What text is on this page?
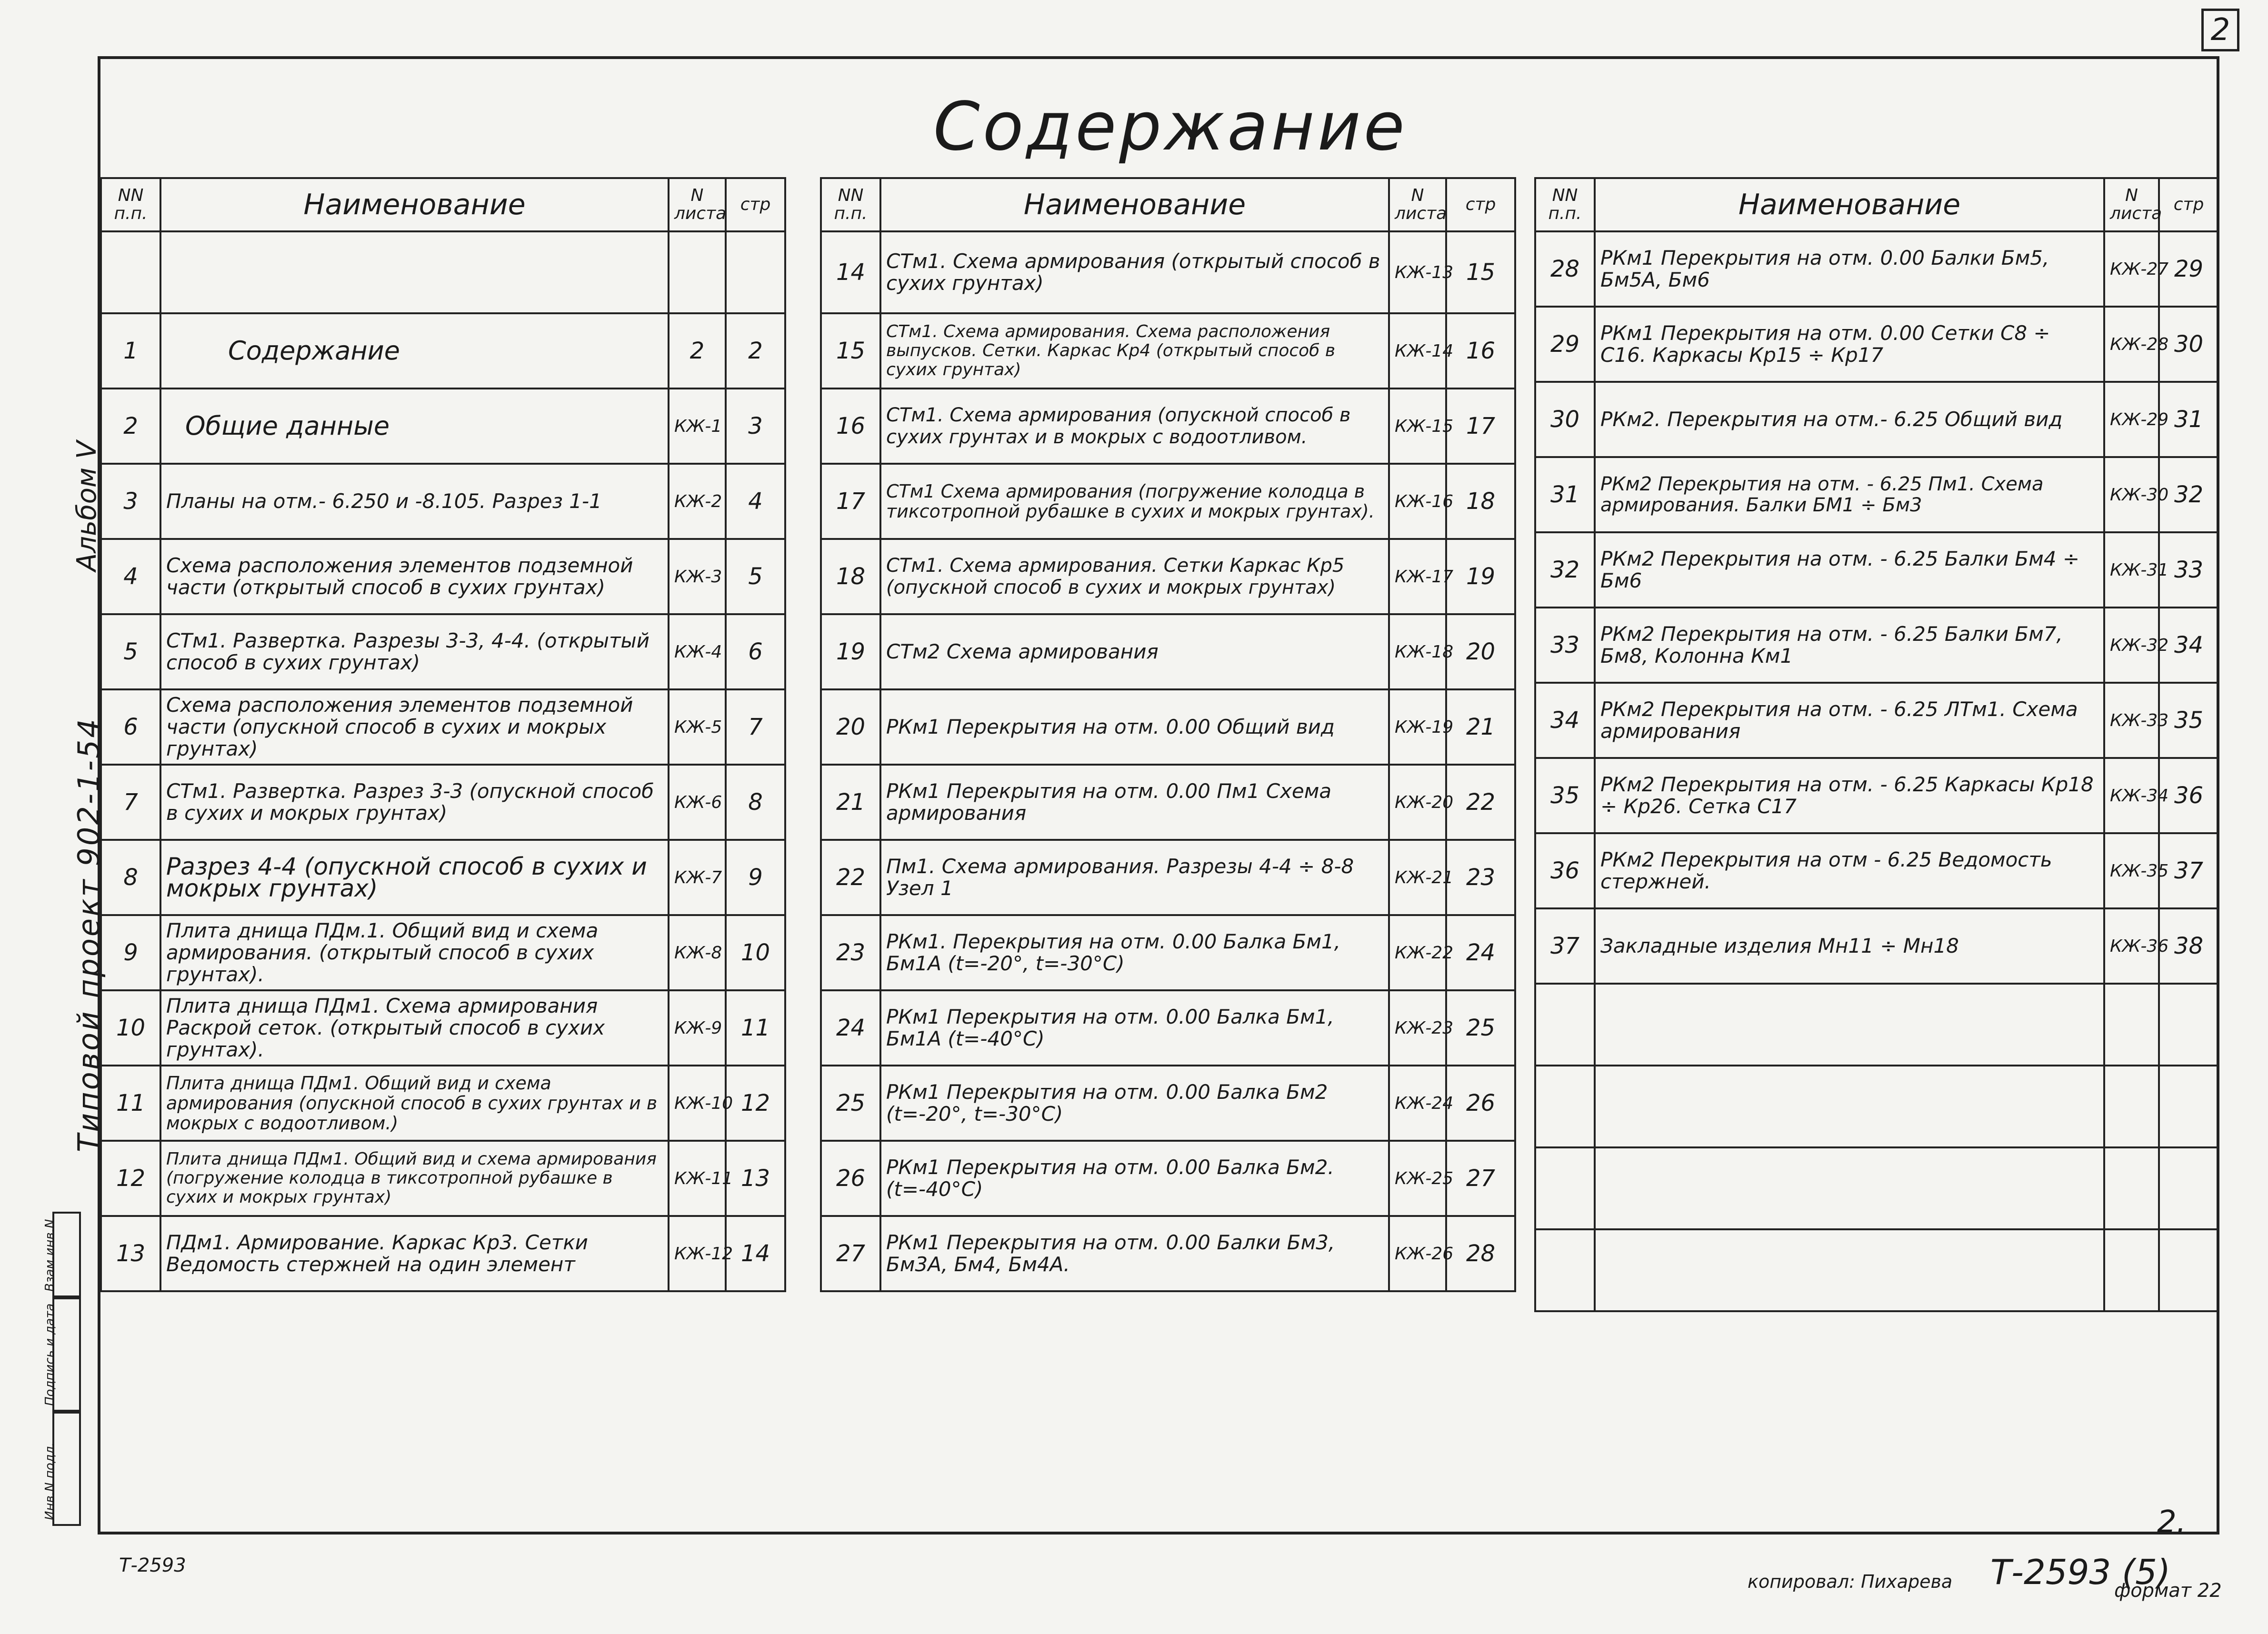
2
Содержание
Альбом V
Типовой проект 902-1-54
Взам.инв.N
Подпись и дата
Инв.N подл.
NN п.п.	Наименование	N листа	стр

1	Содержание	2	2
2	Общие данные	КЖ-1	3
3	Планы на отм.- 6.250 и -8.105. Разрез 1-1	КЖ-2	4
4	Схема расположения элементов подземной части (открытый способ в сухих грунтах)	КЖ-3	5
5	СТм1. Развертка. Разрезы 3-3, 4-4. (открытый способ в сухих грунтах)	КЖ-4	6
6	Схема расположения элементов подземной части (опускной способ в сухих и мокрых грунтах)	КЖ-5	7
7	СТм1. Развертка. Разрез 3-3 (опускной способ в сухих и мокрых грунтах)	КЖ-6	8
8	Разрез 4-4 (опускной способ в сухих и мокрых грунтах)	КЖ-7	9
9	Плита днища ПДм.1. Общий вид и схема армирования. (открытый способ в сухих грунтах).	КЖ-8	10
10	Плита днища ПДм1. Схема армирования Раскрой сеток. (открытый способ в сухих грунтах).	КЖ-9	11
11	Плита днища ПДм1. Общий вид и схема армирования (опускной способ в сухих грунтах и в мокрых с водоотливом.)	КЖ-10	12
12	Плита днища ПДм1. Общий вид и схема армирования (погружение колодца в тиксотропной рубашке в сухих и мокрых грунтах)	КЖ-11	13
13	ПДм1. Армирование. Каркас Кр3. Сетки Ведомость стержней на один элемент	КЖ-12	14
NN п.п.	Наименование	N листа	стр
14	СТм1. Схема армирования (открытый способ в сухих грунтах)	КЖ-13	15
15	СТм1. Схема армирования. Схема расположения выпусков. Сетки. Каркас Кр4 (открытый способ в сухих грунтах)	КЖ-14	16
16	СТм1. Схема армирования (опускной способ в сухих грунтах и в мокрых с водоотливом.	КЖ-15	17
17	СТм1 Схема армирования (погружение колодца в тиксотропной рубашке в сухих и мокрых грунтах).	КЖ-16	18
18	СТм1. Схема армирования. Сетки Каркас Кр5 (опускной способ в сухих и мокрых грунтах)	КЖ-17	19
19	СТм2 Схема армирования	КЖ-18	20
20	РКм1 Перекрытия на отм. 0.00 Общий вид	КЖ-19	21
21	РКм1 Перекрытия на отм. 0.00 Пм1 Схема армирования	КЖ-20	22
22	Пм1. Схема армирования. Разрезы 4-4 ÷ 8-8 Узел 1	КЖ-21	23
23	РКм1. Перекрытия на отм. 0.00 Балка Бм1, Бм1А (t=-20°, t=-30°С)	КЖ-22	24
24	РКм1 Перекрытия на отм. 0.00 Балка Бм1, Бм1А (t=-40°С)	КЖ-23	25
25	РКм1 Перекрытия на отм. 0.00 Балка Бм2 (t=-20°, t=-30°С)	КЖ-24	26
26	РКм1 Перекрытия на отм. 0.00 Балка Бм2. (t=-40°С)	КЖ-25	27
27	РКм1 Перекрытия на отм. 0.00 Балки Бм3, Бм3А, Бм4, Бм4А.	КЖ-26	28
NN п.п.	Наименование	N листа	стр
28	РКм1 Перекрытия на отм. 0.00 Балки Бм5, Бм5А, Бм6	КЖ-27	29
29	РКм1 Перекрытия на отм. 0.00 Сетки С8 ÷ С16. Каркасы Кр15 ÷ Кр17	КЖ-28	30
30	РКм2. Перекрытия на отм.- 6.25 Общий вид	КЖ-29	31
31	РКм2 Перекрытия на отм. - 6.25 Пм1. Схема армирования. Балки БМ1 ÷ Бм3	КЖ-30	32
32	РКм2 Перекрытия на отм. - 6.25 Балки Бм4 ÷ Бм6	КЖ-31	33
33	РКм2 Перекрытия на отм. - 6.25 Балки Бм7, Бм8, Колонна Км1	КЖ-32	34
34	РКм2 Перекрытия на отм. - 6.25 ЛТм1. Схема армирования	КЖ-33	35
35	РКм2 Перекрытия на отм. - 6.25 Каркасы Кр18 ÷ Кр26. Сетка С17	КЖ-34	36
36	РКм2 Перекрытия на отм - 6.25 Ведомость стержней.	КЖ-35	37
37	Закладные изделия Мн11 ÷ Мн18	КЖ-36	38

2.
Т-2593
копировал: Пихарева Т-2593 (5)
формат 22
